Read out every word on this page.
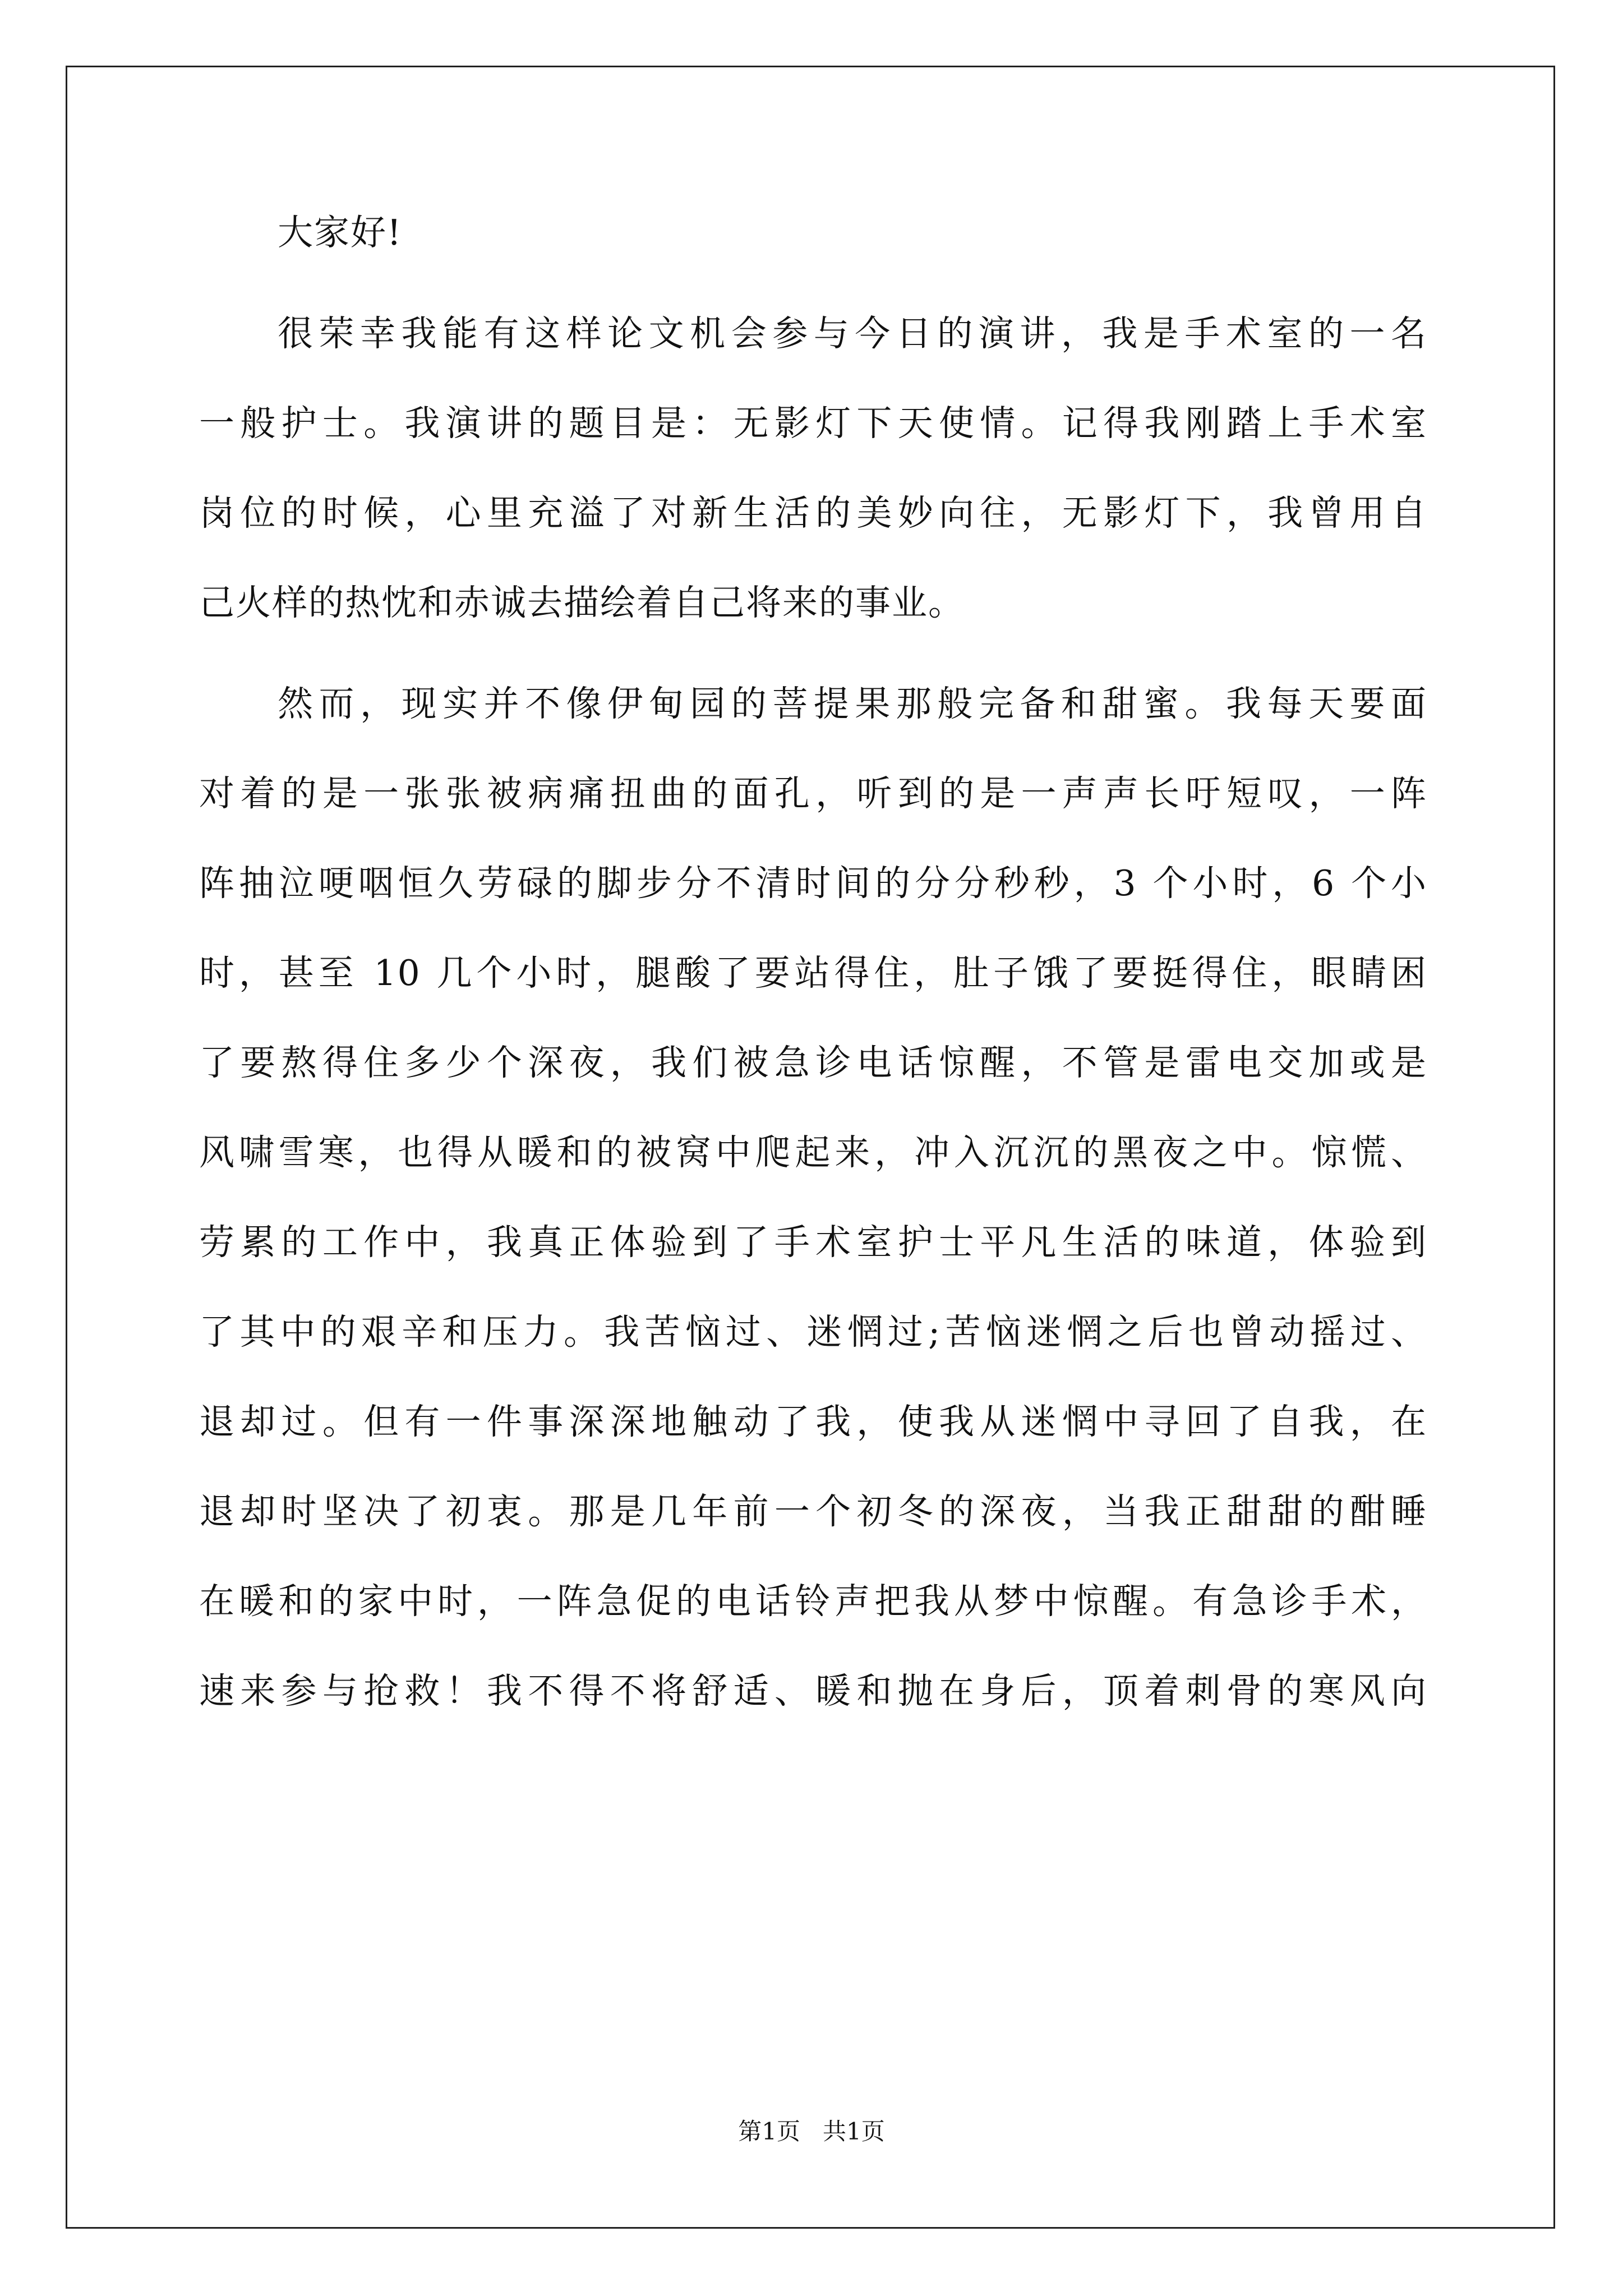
大家好!
很荣幸我能有这样论文机会参与今日的演讲，我是手术室的一名
一般护士。我演讲的题目是：无影灯下天使情。记得我刚踏上手术室
岗位的时候，心里充溢了对新生活的美妙向往，无影灯下，我曾用自
己火样的热忱和赤诚去描绘着自己将来的事业。
然而，现实并不像伊甸园的菩提果那般完备和甜蜜。我每天要面
对着的是一张张被病痛扭曲的面孔，听到的是一声声长吁短叹，一阵
阵抽泣哽咽恒久劳碌的脚步分不清时间的分分秒秒，3 个小时，6 个小
时，甚至 10 几个小时，腿酸了要站得住，肚子饿了要挺得住，眼睛困
了要熬得住多少个深夜，我们被急诊电话惊醒，不管是雷电交加或是
风啸雪寒，也得从暖和的被窝中爬起来，冲入沉沉的黑夜之中。惊慌、
劳累的工作中，我真正体验到了手术室护士平凡生活的味道，体验到
了其中的艰辛和压力。我苦恼过、迷惘过;苦恼迷惘之后也曾动摇过、
退却过。但有一件事深深地触动了我，使我从迷惘中寻回了自我，在
退却时坚决了初衷。那是几年前一个初冬的深夜，当我正甜甜的酣睡
在暖和的家中时，一阵急促的电话铃声把我从梦中惊醒。有急诊手术，
速来参与抢救！我不得不将舒适、暖和抛在身后，顶着刺骨的寒风向
第1页   共1页
